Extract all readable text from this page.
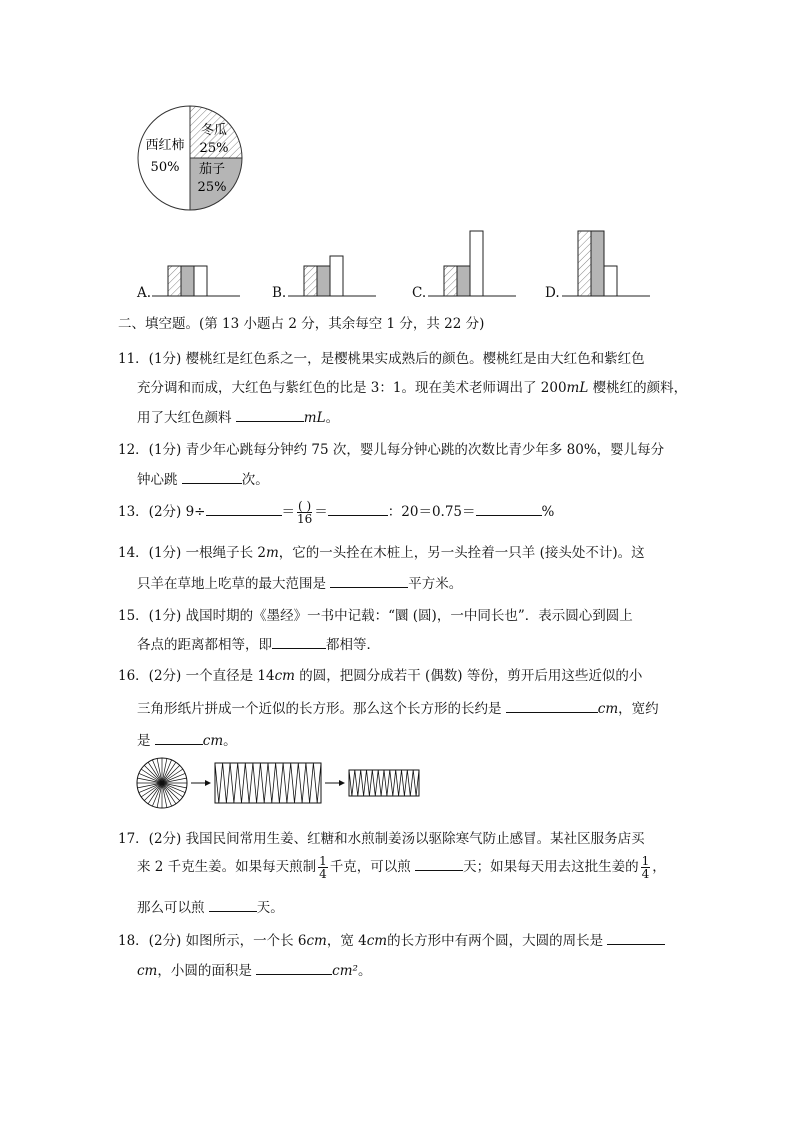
西红柿
50%
冬瓜
25%
茄子
25%
A.	B.	C.	D.
二、填空题。(第 13 小题占 2 分，其余每空 1 分，共 22 分)
11．(1分) 樱桃红是红色系之一，是樱桃果实成熟后的颜色。樱桃红是由大红色和紫红色
充分调和而成，大红色与紫红色的比是 3：1。现在美术老师调出了 200mL 樱桃红的颜料，
用了大红色颜料	mL。
12．(1分) 青少年心跳每分钟约 75 次，婴儿每分钟心跳的次数比青少年多 80%，婴儿每分
钟心跳	次。
13．(2分) 9÷	＝ $\frac{( )}{16}$ ＝	：20＝0.75＝	%
14．(1分) 一根绳子长 2m，它的一头拴在木桩上，另一头拴着一只羊 (接头处不计)。这
只羊在草地上吃草的最大范围是	平方米。
15．(1分) 战国时期的《墨经》一书中记载：“圜 (圆)，一中同长也”．表示圆心到圆上
各点的距离都相等，即	都相等．
16．(2分) 一个直径是 14cm 的圆，把圆分成若干 (偶数) 等份，剪开后用这些近似的小
三角形纸片拼成一个近似的长方形。那么这个长方形的长约是	cm，宽约
是	cm。
17．(2分) 我国民间常用生姜、红糖和水煎制姜汤以驱除寒气防止感冒。某社区服务店买
来 2 千克生姜。如果每天煎制 $\frac{1}{4}$ 千克，可以煎	天；如果每天用去这批生姜的 $\frac{1}{4}$ ，
那么可以煎	天。
18．(2分) 如图所示，一个长 6cm，宽 4cm的长方形中有两个圆，大圆的周长是
cm，小圆的面积是	cm²。
